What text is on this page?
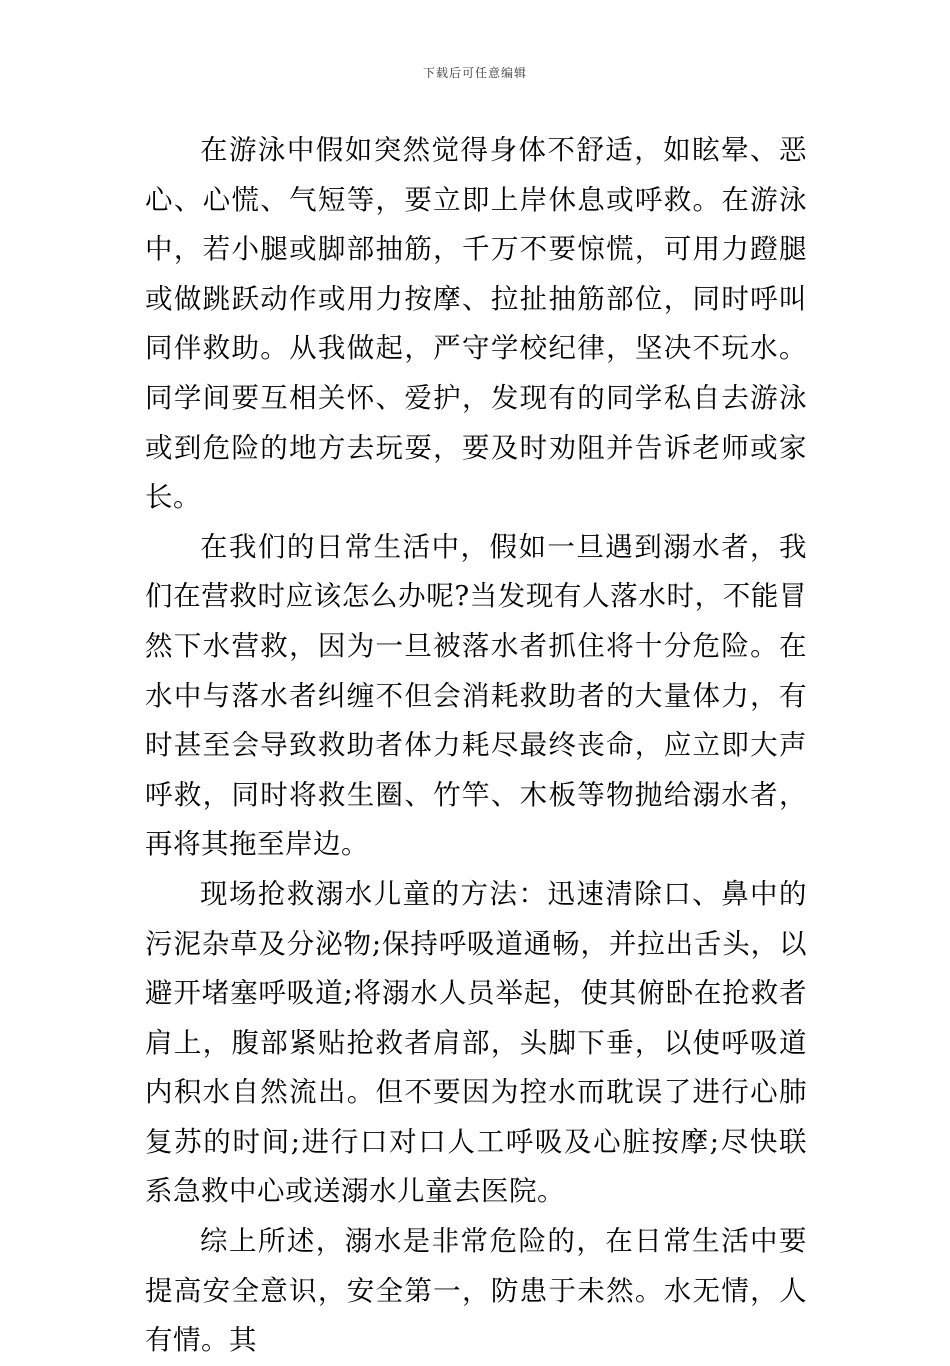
下载后可任意编辑

在游泳中假如突然觉得身体不舒适，如眩晕、恶心、心慌、气短等，要立即上岸休息或呼救。在游泳中，若小腿或脚部抽筋，千万不要惊慌，可用力蹬腿或做跳跃动作或用力按摩、拉扯抽筋部位，同时呼叫同伴救助。从我做起，严守学校纪律，坚决不玩水。同学间要互相关怀、爱护，发现有的同学私自去游泳或到危险的地方去玩耍，要及时劝阻并告诉老师或家长。

在我们的日常生活中，假如一旦遇到溺水者，我们在营救时应该怎么办呢?当发现有人落水时，不能冒然下水营救，因为一旦被落水者抓住将十分危险。在水中与落水者纠缠不但会消耗救助者的大量体力，有时甚至会导致救助者体力耗尽最终丧命，应立即大声呼救，同时将救生圈、竹竿、木板等物抛给溺水者，再将其拖至岸边。

现场抢救溺水儿童的方法：迅速清除口、鼻中的污泥杂草及分泌物;保持呼吸道通畅，并拉出舌头，以避开堵塞呼吸道;将溺水人员举起，使其俯卧在抢救者肩上，腹部紧贴抢救者肩部，头脚下垂，以使呼吸道内积水自然流出。但不要因为控水而耽误了进行心肺复苏的时间;进行口对口人工呼吸及心脏按摩;尽快联系急救中心或送溺水儿童去医院。

综上所述，溺水是非常危险的，在日常生活中要提高安全意识，安全第一，防患于未然。水无情，人有情。其
